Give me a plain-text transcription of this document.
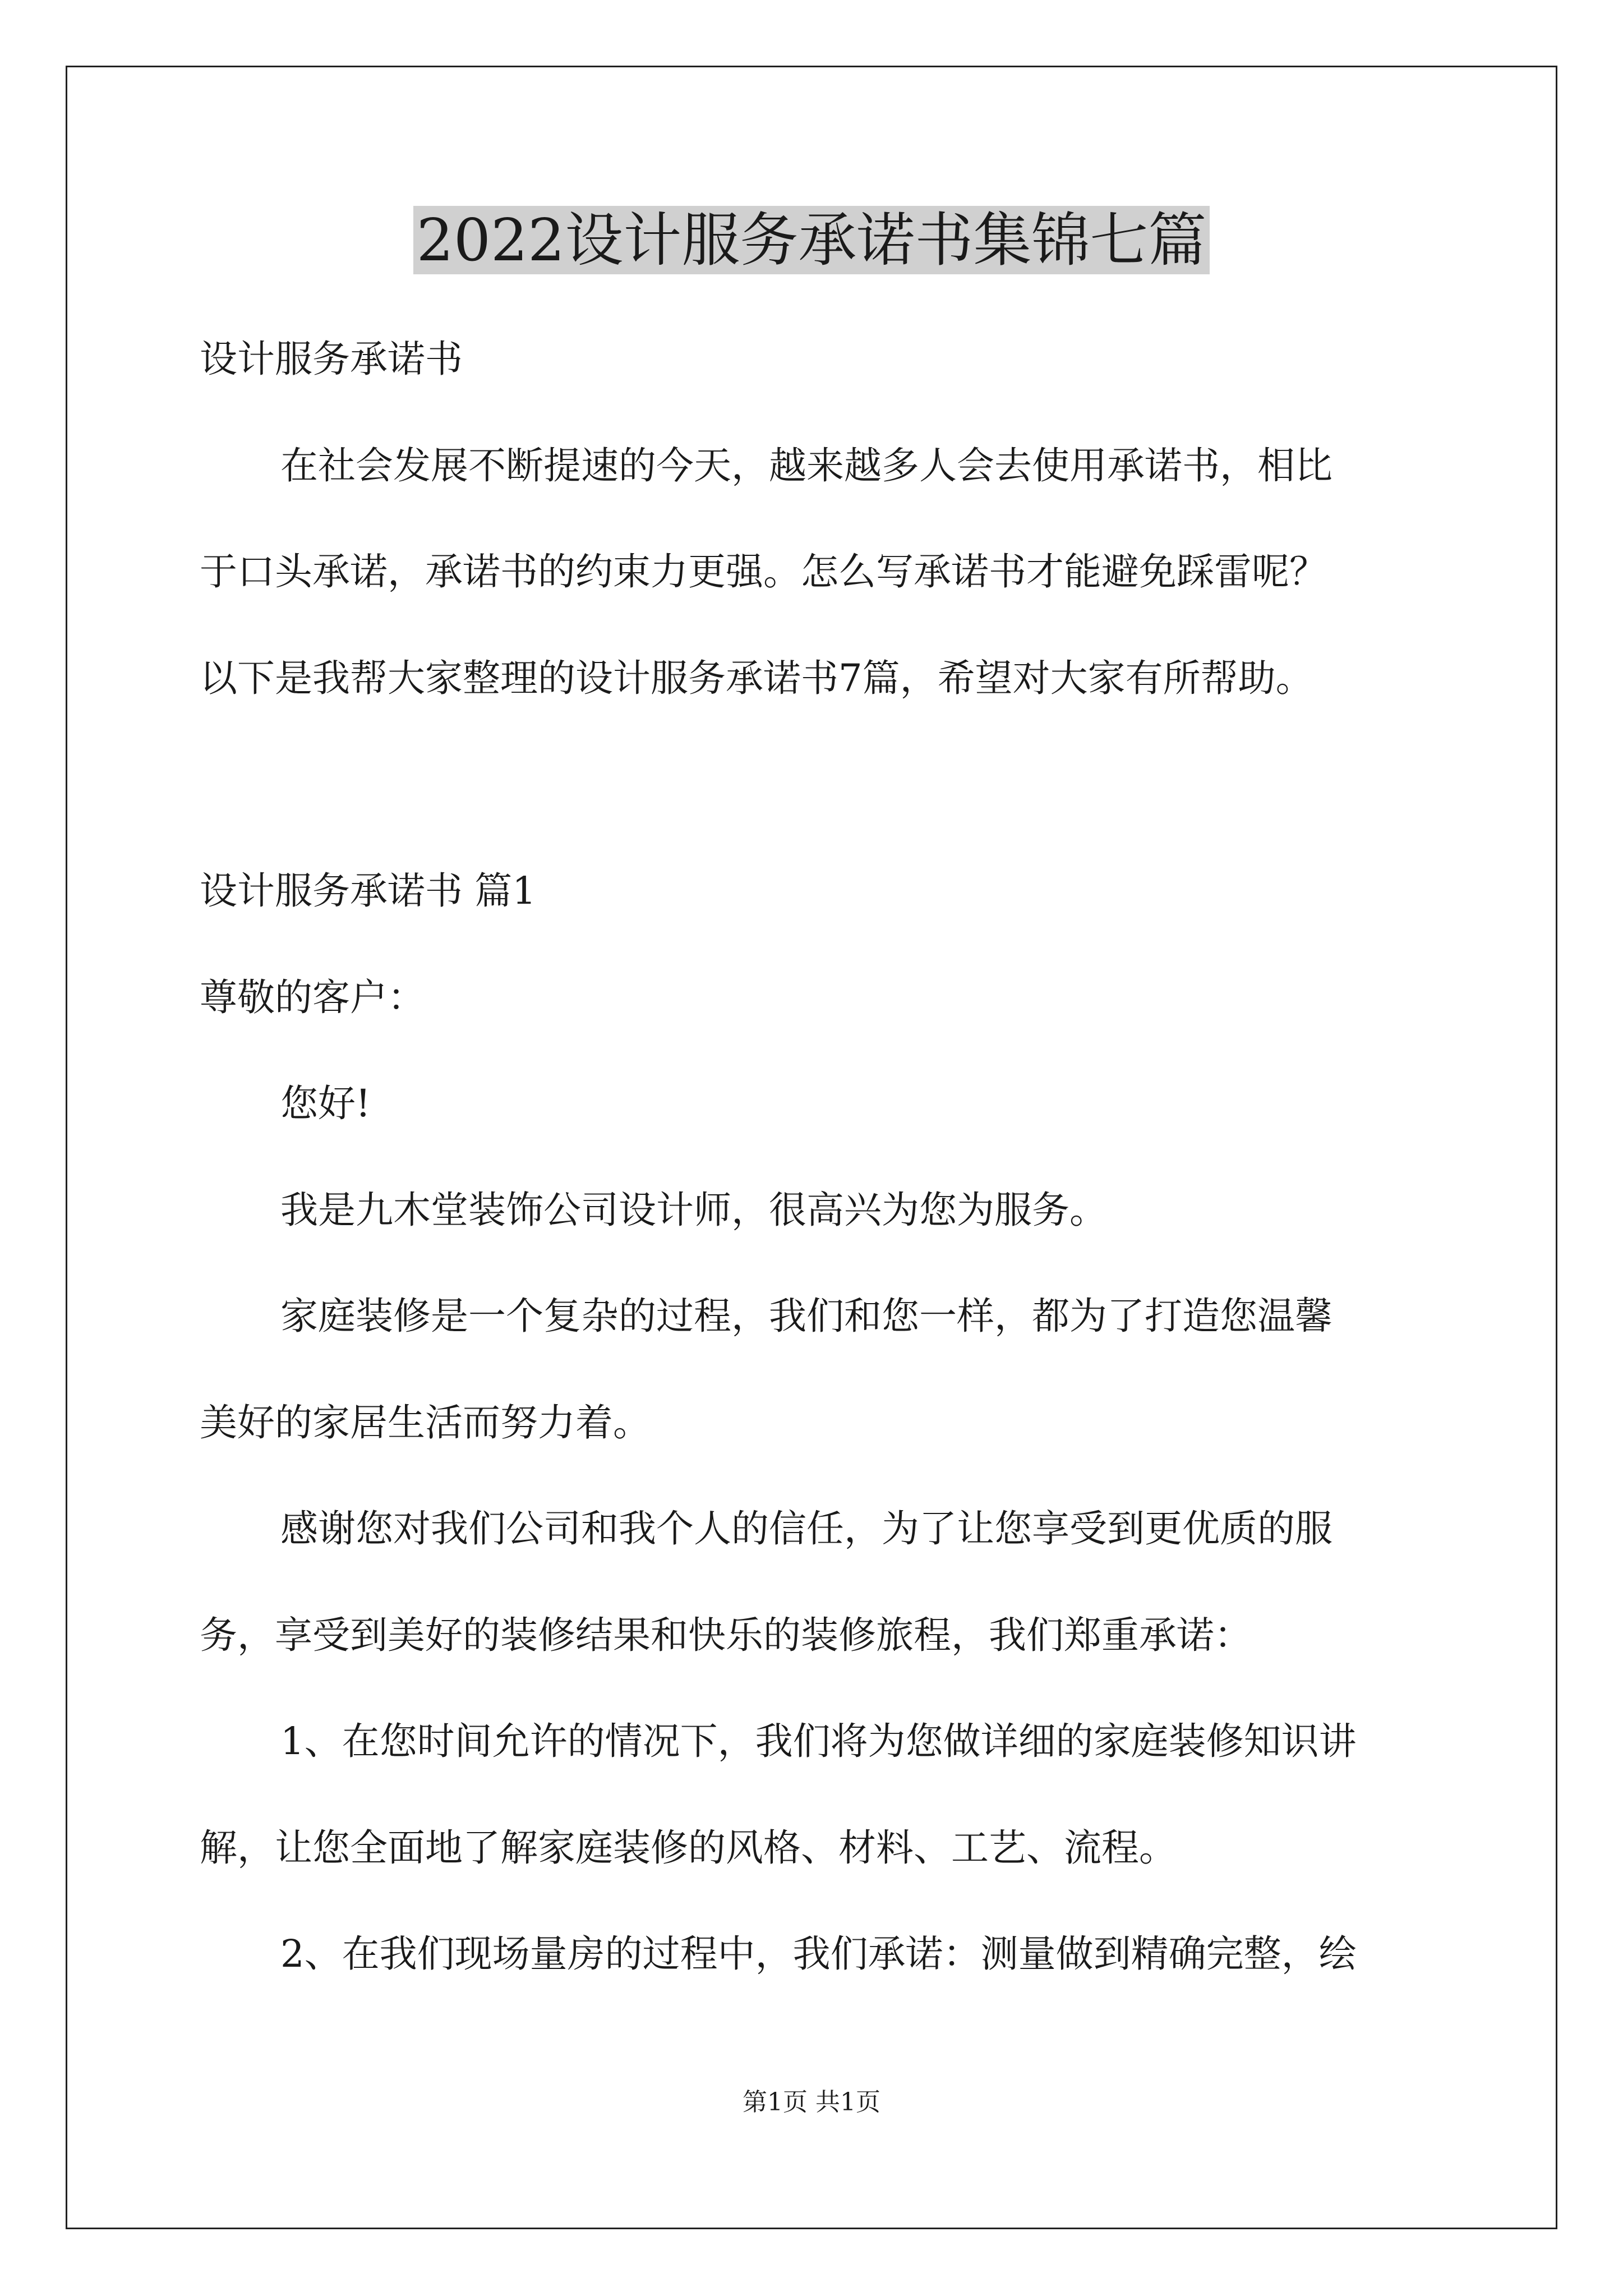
2022设计服务承诺书集锦七篇
设计服务承诺书
在社会发展不断提速的今天，越来越多人会去使用承诺书，相比
于口头承诺，承诺书的约束力更强。怎么写承诺书才能避免踩雷呢？
以下是我帮大家整理的设计服务承诺书7篇，希望对大家有所帮助。
设计服务承诺书 篇1
尊敬的客户：
您好!
我是九木堂装饰公司设计师，很高兴为您为服务。
家庭装修是一个复杂的过程，我们和您一样，都为了打造您温馨
美好的家居生活而努力着。
感谢您对我们公司和我个人的信任，为了让您享受到更优质的服
务，享受到美好的装修结果和快乐的装修旅程，我们郑重承诺：
1、在您时间允许的情况下，我们将为您做详细的家庭装修知识讲
解，让您全面地了解家庭装修的风格、材料、工艺、流程。
2、在我们现场量房的过程中，我们承诺：测量做到精确完整，绘
第1页 共1页
